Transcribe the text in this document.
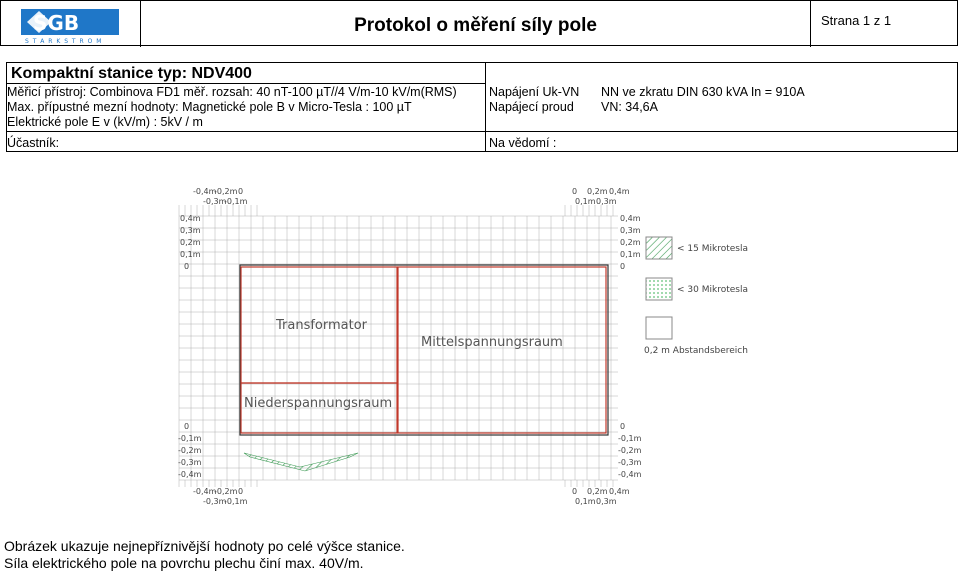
SGB
S T A R K S T R O M
Protokol o měření síly pole	Strana 1 z 1
Kompaktní stanice typ: NDV400
Měřicí přístroj: Combinova FD1 měř. rozsah: 40 nT-100 µT//4 V/m-10 kV/m(RMS)
Max. přípustné mezní hodnoty: Magnetické pole B v Micro-Tesla : 100 µT
Elektrické pole E v (kV/m) : 5kV / m
Účastník:
Napájení Uk-VN NN ve zkratu DIN 630 kVA In = 910A
Napájecí proud VN: 34,6A
Na vědomí :
Transformator
Mittelspannungsraum
Niederspannungsraum
-0,4m
-0,2m 0
-0,3m
-0,1m
0 0,2m 0,4m
0,1m 0,3m
-0,4m
-0,2m 0
-0,3m
-0,1m
0 0,2m 0,4m
0,1m 0,3m
0,4m
0,3m
0,2m
0,1m
0
0,4m
0,3m
0,2m
0,1m
0
0
-0,1m
-0,2m
-0,3m
-0,4m
0
-0,1m
-0,2m
-0,3m
-0,4m
< 15 Mikrotesla
< 30 Mikrotesla
0,2 m Abstandsbereich
Obrázek ukazuje nejnepříznivější hodnoty po celé výšce stanice.
Síla elektrického pole na povrchu plechu činí max. 40V/m.
